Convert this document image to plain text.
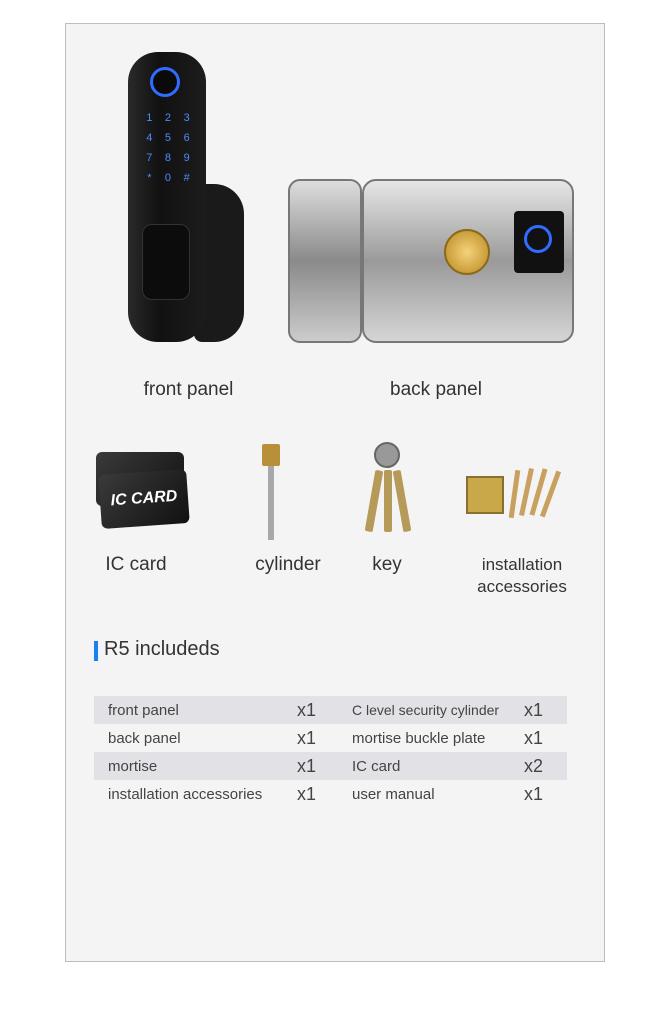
1	2	3
4	5	6
7	8	9
*	0	#
front panel	back panel
IC CARD
IC card	cylinder	key	installation
accessories
R5 includeds
front panel	x1	C level security cylinder	x1
back panel	x1	mortise buckle plate	x1
mortise	x1	IC card	x2
installation accessories	x1	user manual	x1
